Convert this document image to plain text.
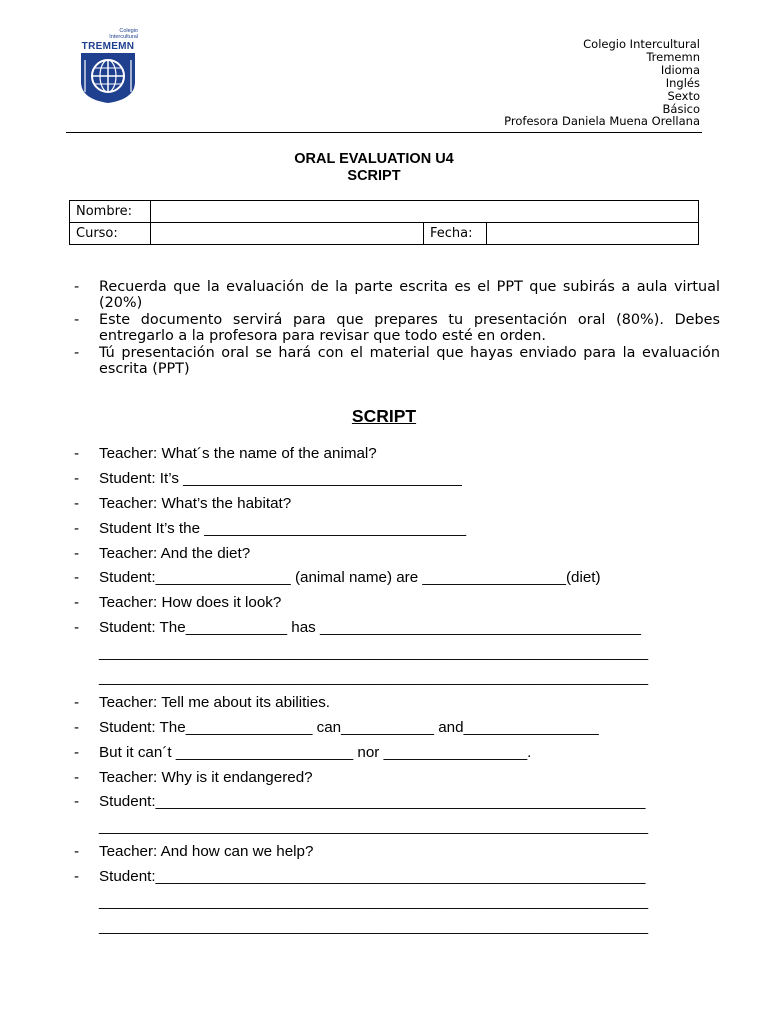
Colegio
Intercultural
TREMEMN	Colegio Intercultural
Trememn
Idioma
Inglés
Sexto
Básico
Profesora Daniela Muena Orellana
ORAL EVALUATION U4
SCRIPT
Nombre:			
Curso:		Fecha:	
-	Recuerda que la evaluación de la parte escrita es el PPT que subirás a aula virtual (20%)
-	Este documento servirá para que prepares tu presentación oral (80%). Debes entregarlo a la profesora para revisar que todo esté en orden.
-	Tú presentación oral se hará con el material que hayas enviado para la evaluación escrita (PPT)
SCRIPT
-	Teacher: What´s the name of the animal?
-	Student: It’s _________________________________
-	Teacher: What’s the habitat?
-	Student It’s the _______________________________
-	Teacher: And the diet?
-	Student:________________ (animal name) are _________________(diet)
-	Teacher: How does it look?
-	Student: The____________ has ______________________________________
_________________________________________________________________
_________________________________________________________________
-	Teacher: Tell me about its abilities.
-	Student: The_______________ can___________ and________________
-	But it can´t _____________________ nor _________________.
-	Teacher: Why is it endangered?
-	Student:__________________________________________________________
_________________________________________________________________
-	Teacher: And how can we help?
-	Student:__________________________________________________________
_________________________________________________________________
_________________________________________________________________
